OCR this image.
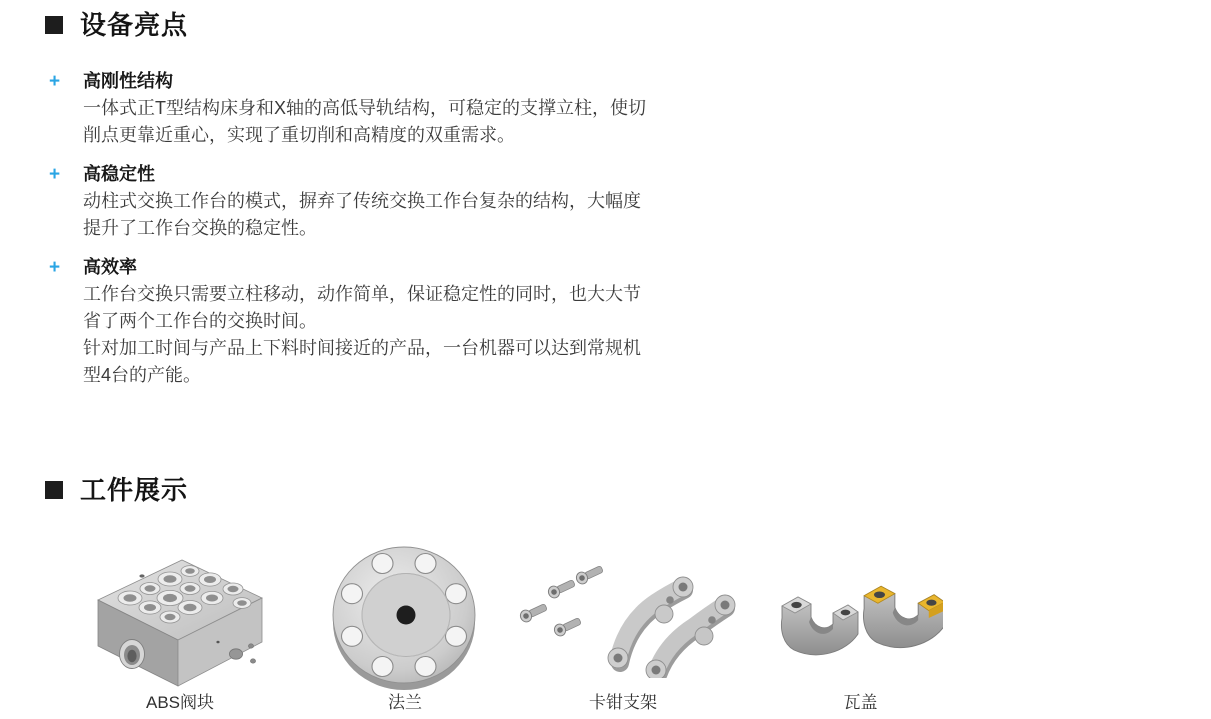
设备亮点
+ 高刚性结构
一体式正T型结构床身和X轴的高低导轨结构，可稳定的支撑立柱，使切
削点更靠近重心，实现了重切削和高精度的双重需求。
+ 高稳定性
动柱式交换工作台的模式，摒弃了传统交换工作台复杂的结构，大幅度
提升了工作台交换的稳定性。
+ 高效率
工作台交换只需要立柱移动，动作简单，保证稳定性的同时，也大大节
省了两个工作台的交换时间。
针对加工时间与产品上下料时间接近的产品，一台机器可以达到常规机
型4台的产能。
工件展示
ABS阀块	法兰	卡钳支架	瓦盖
